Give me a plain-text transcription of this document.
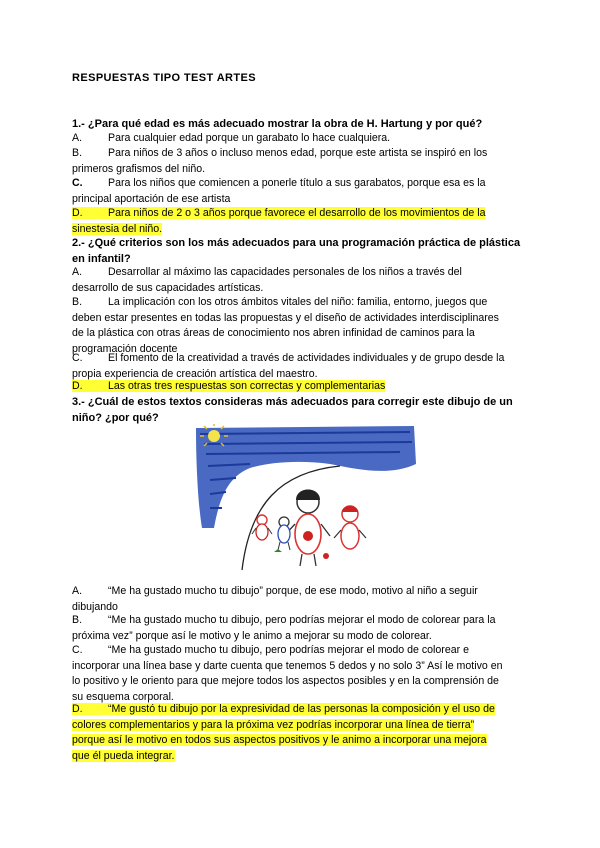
RESPUESTAS TIPO TEST ARTES
1.- ¿Para qué edad es más adecuado mostrar la obra de H. Hartung y por qué?
A. Para cualquier edad porque un garabato lo hace cualquiera.
B. Para niños de 3 años o incluso menos edad, porque este artista se inspiró en los
primeros grafismos del niño.
C. Para los niños que comiencen a ponerle título a sus garabatos, porque esa es la
principal aportación de ese artista
D. Para niños de 2 o 3 años porque favorece el desarrollo de los movimientos de la
sinestesia del niño.
2.- ¿Qué criterios son los más adecuados para una programación práctica de plástica
en infantil?
A. Desarrollar al máximo las capacidades personales de los niños a través del
desarrollo de sus capacidades artísticas.
B. La implicación con los otros ámbitos vitales del niño: familia, entorno, juegos que
deben estar presentes en todas las propuestas y el diseño de actividades interdisciplinares
de la plástica con otras áreas de conocimiento nos abren infinidad de caminos para la
programación docente
C. El fomento de la creatividad a través de actividades individuales y de grupo desde la
propia experiencia de creación artística del maestro.
D. Las otras tres respuestas son correctas y complementarias
3.- ¿Cuál de estos textos consideras más adecuados para corregir este dibujo de un
niño? ¿por qué?
A. “Me ha gustado mucho tu dibujo” porque, de ese modo, motivo al niño a seguir
dibujando
B. “Me ha gustado mucho tu dibujo, pero podrías mejorar el modo de colorear para la
próxima vez” porque así le motivo y le animo a mejorar su modo de colorear.
C. “Me ha gustado mucho tu dibujo, pero podrías mejorar el modo de colorear e
incorporar una línea base y darte cuenta que tenemos 5 dedos y no solo 3” Así le motivo en
lo positivo y le oriento para que mejore todos los aspectos posibles y en la comprensión de
su esquema corporal.
D. “Me gustó tu dibujo por la expresividad de las personas la composición y el uso de
colores complementarios y para la próxima vez podrías incorporar una línea de tierra”
porque así le motivo en todos sus aspectos positivos y le animo a incorporar una mejora
que él pueda integrar.
